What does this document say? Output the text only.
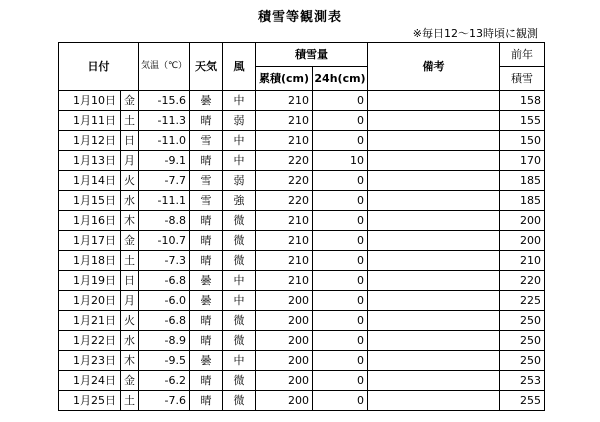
積雪等観測表
※毎日12～13時頃に観測
日付		気温（℃）	天気	風	積雪量		備考	前年
					累積(cm)	24h(cm)		積雪
1月10日	金	-15.6	曇	中	210	0		158
1月11日	土	-11.3	晴	弱	210	0		155
1月12日	日	-11.0	雪	中	210	0		150
1月13日	月	-9.1	晴	中	220	10		170
1月14日	火	-7.7	雪	弱	220	0		185
1月15日	水	-11.1	雪	強	220	0		185
1月16日	木	-8.8	晴	微	210	0		200
1月17日	金	-10.7	晴	微	210	0		200
1月18日	土	-7.3	晴	微	210	0		210
1月19日	日	-6.8	曇	中	210	0		220
1月20日	月	-6.0	曇	中	200	0		225
1月21日	火	-6.8	晴	微	200	0		250
1月22日	水	-8.9	晴	微	200	0		250
1月23日	木	-9.5	曇	中	200	0		250
1月24日	金	-6.2	晴	微	200	0		253
1月25日	土	-7.6	晴	微	200	0		255
